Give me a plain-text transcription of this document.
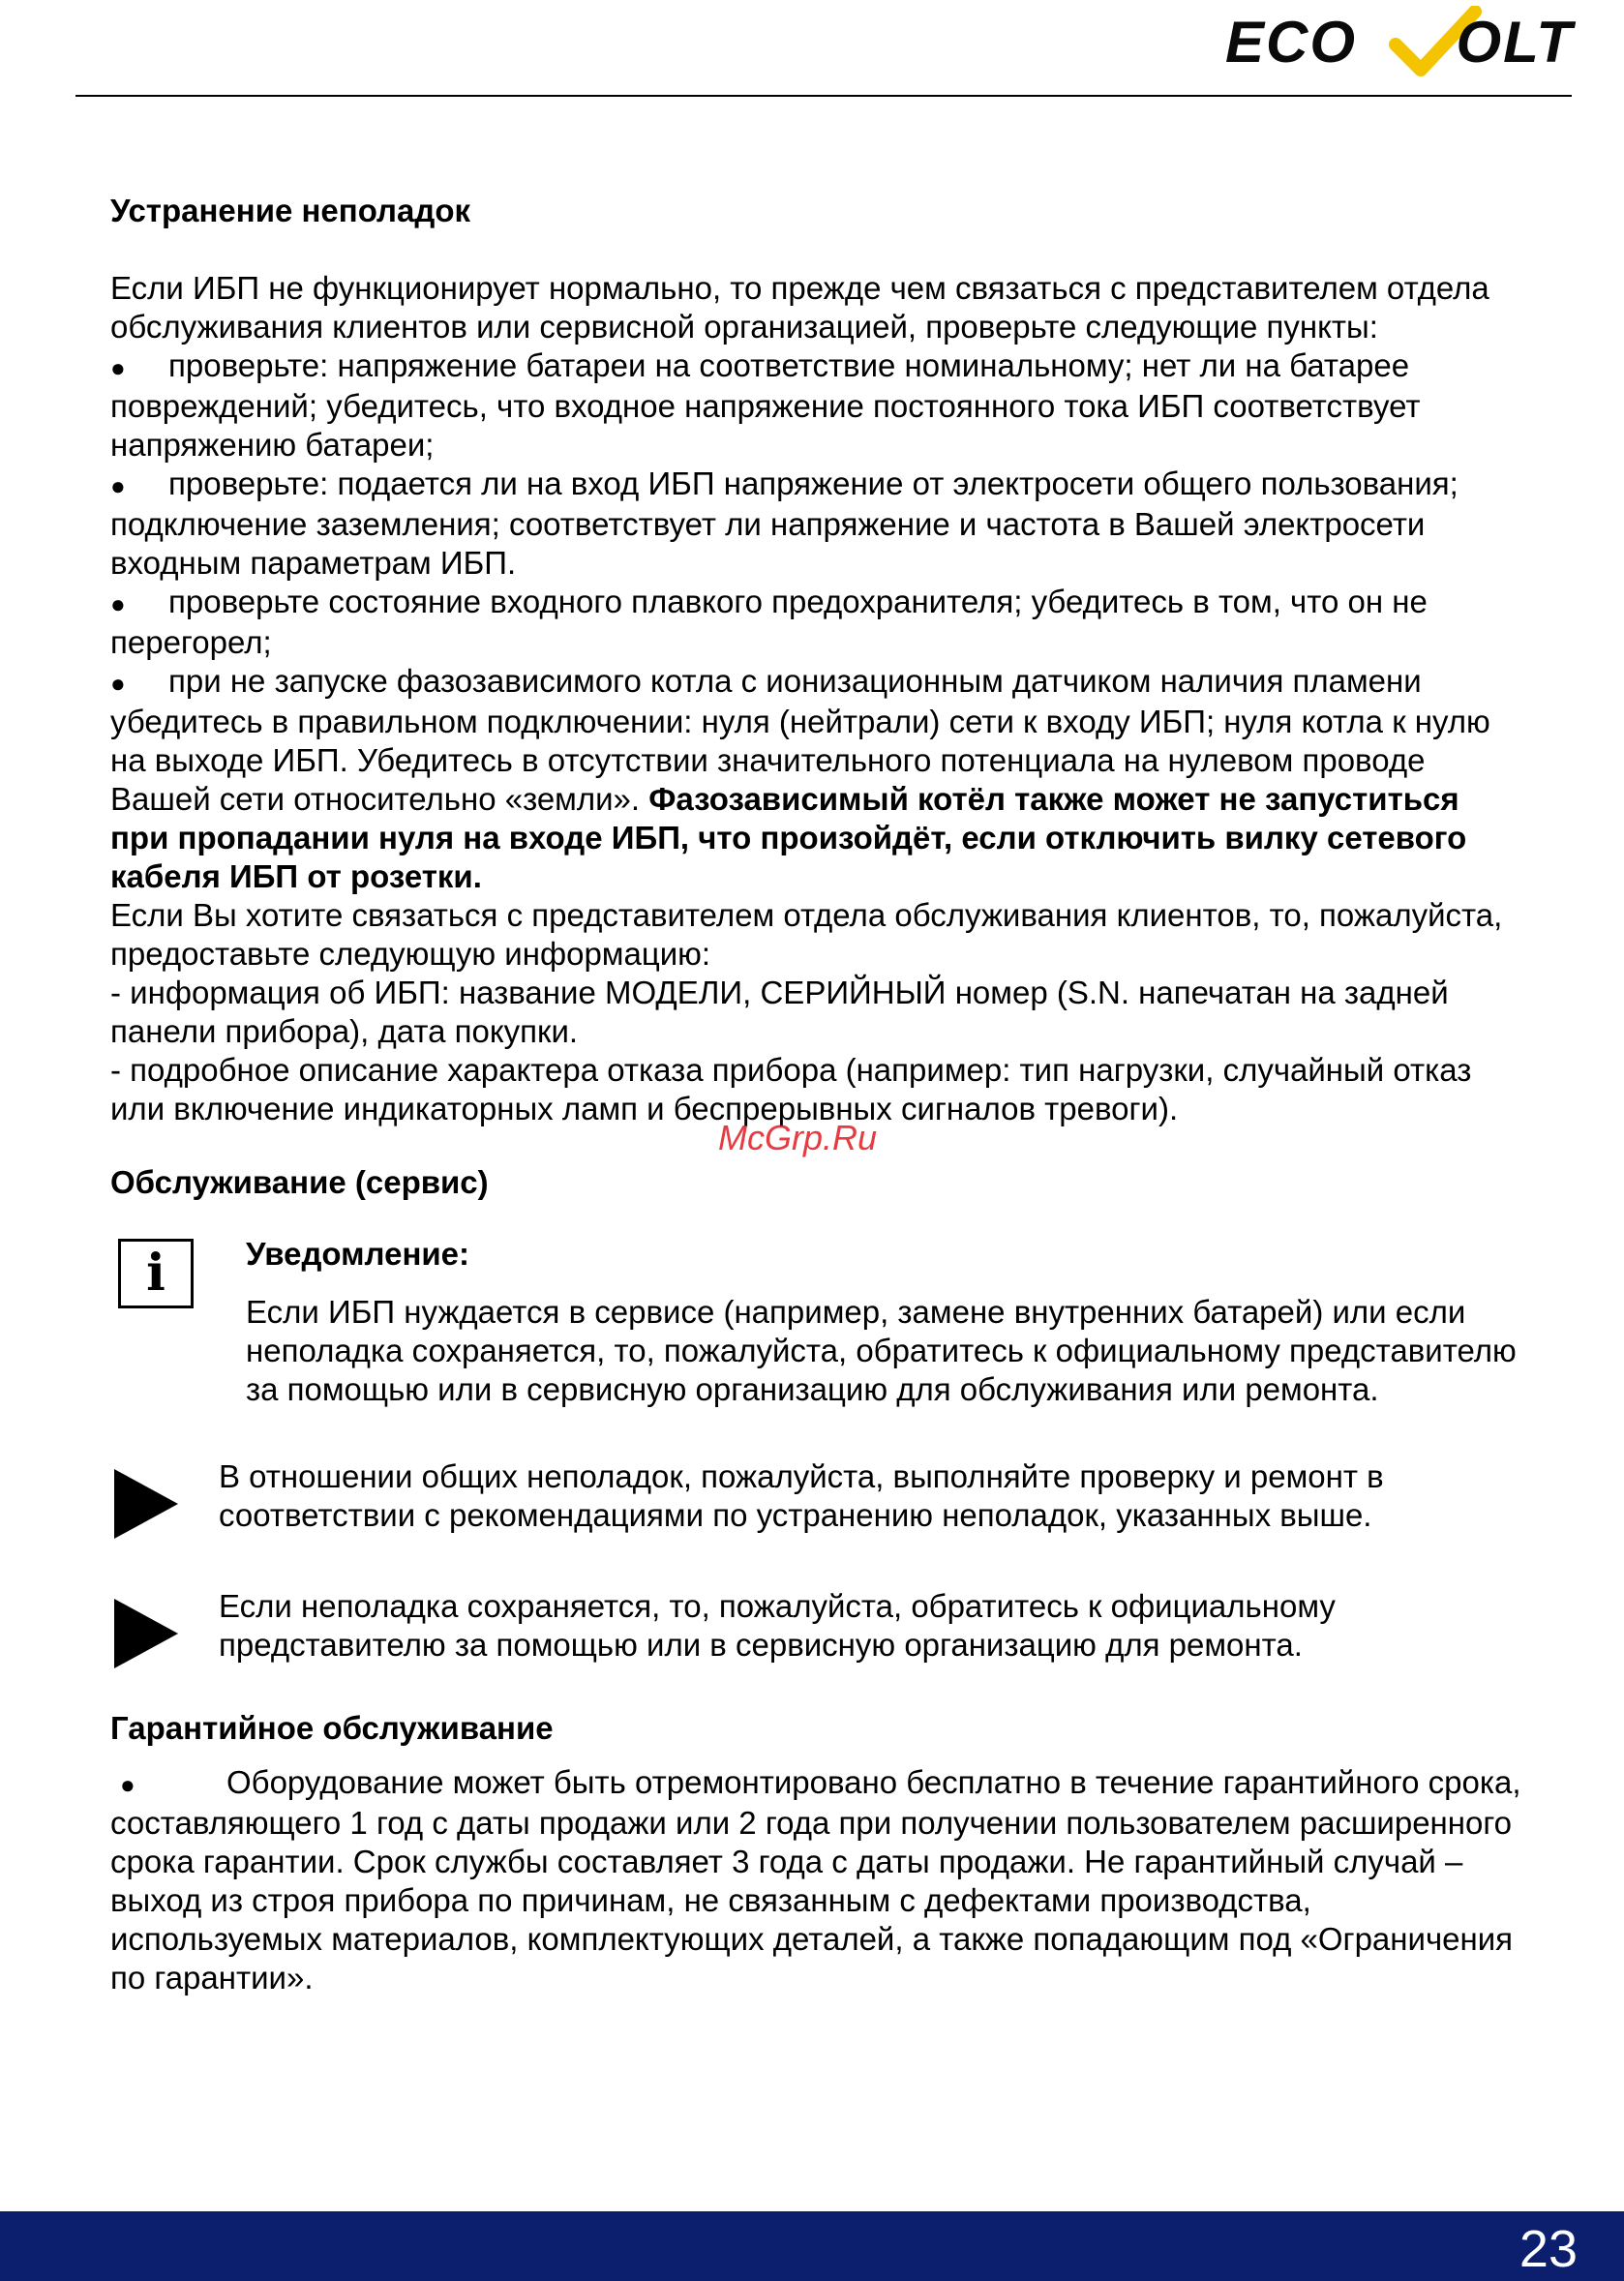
ECO OLT
Устранение неполадок

Если ИБП не функционирует нормально, то прежде чем связаться с представителем отдела обслуживания клиентов или сервисной организацией, проверьте следующие пункты:

● проверьте: напряжение батареи на соответствие номинальному; нет ли на батарее повреждений; убедитесь, что входное напряжение постоянного тока ИБП соответствует напряжению батареи;
● проверьте: подается ли на вход ИБП напряжение от электросети общего пользования; подключение заземления; соответствует ли напряжение и частота в Вашей электросети входным параметрам ИБП.
● проверьте состояние входного плавкого предохранителя; убедитесь в том, что он не перегорел;
● при не запуске фазозависимого котла с ионизационным датчиком наличия пламени убедитесь в правильном подключении: нуля (нейтрали) сети к входу ИБП; нуля котла к нулю на выходе ИБП. Убедитесь в отсутствии значительного потенциала на нулевом проводе Вашей сети относительно «земли». Фазозависимый котёл также может не запуститься при пропадании нуля на входе ИБП, что произойдёт, если отключить вилку сетевого кабеля ИБП от розетки.

Если Вы хотите связаться с представителем отдела обслуживания клиентов, то, пожалуйста, предоставьте следующую информацию:

- информация об ИБП: название МОДЕЛИ, СЕРИЙНЫЙ номер (S.N. напечатан на задней панели прибора), дата покупки.

- подробное описание характера отказа прибора (например: тип нагрузки, случайный отказ или включение индикаторных ламп и беспрерывных сигналов тревоги).

Обслуживание (сервис)
i	Уведомление:

Если ИБП нуждается в сервисе (например, замене внутренних батарей) или если неполадка сохраняется, то, пожалуйста, обратитесь к официальному представителю за помощью или в сервисную организацию для обслуживания или ремонта.

В отношении общих неполадок, пожалуйста, выполняйте проверку и ремонт в соответствии с рекомендациями по устранению неполадок, указанных выше.

Если неполадка сохраняется, то, пожалуйста, обратитесь к официальному представителю за помощью или в сервисную организацию для ремонта.

Гарантийное обслуживание
●	Оборудование может быть отремонтировано бесплатно в течение гарантийного срока, составляющего 1 год с даты продажи или 2 года при получении пользователем расширенного срока гарантии. Срок службы составляет 3 года с даты продажи. Не гарантийный случай – выход из строя прибора по причинам, не связанным с дефектами производства, используемых материалов, комплектующих деталей, а также попадающим под «Ограничения по гарантии».
McGrp.Ru
23
